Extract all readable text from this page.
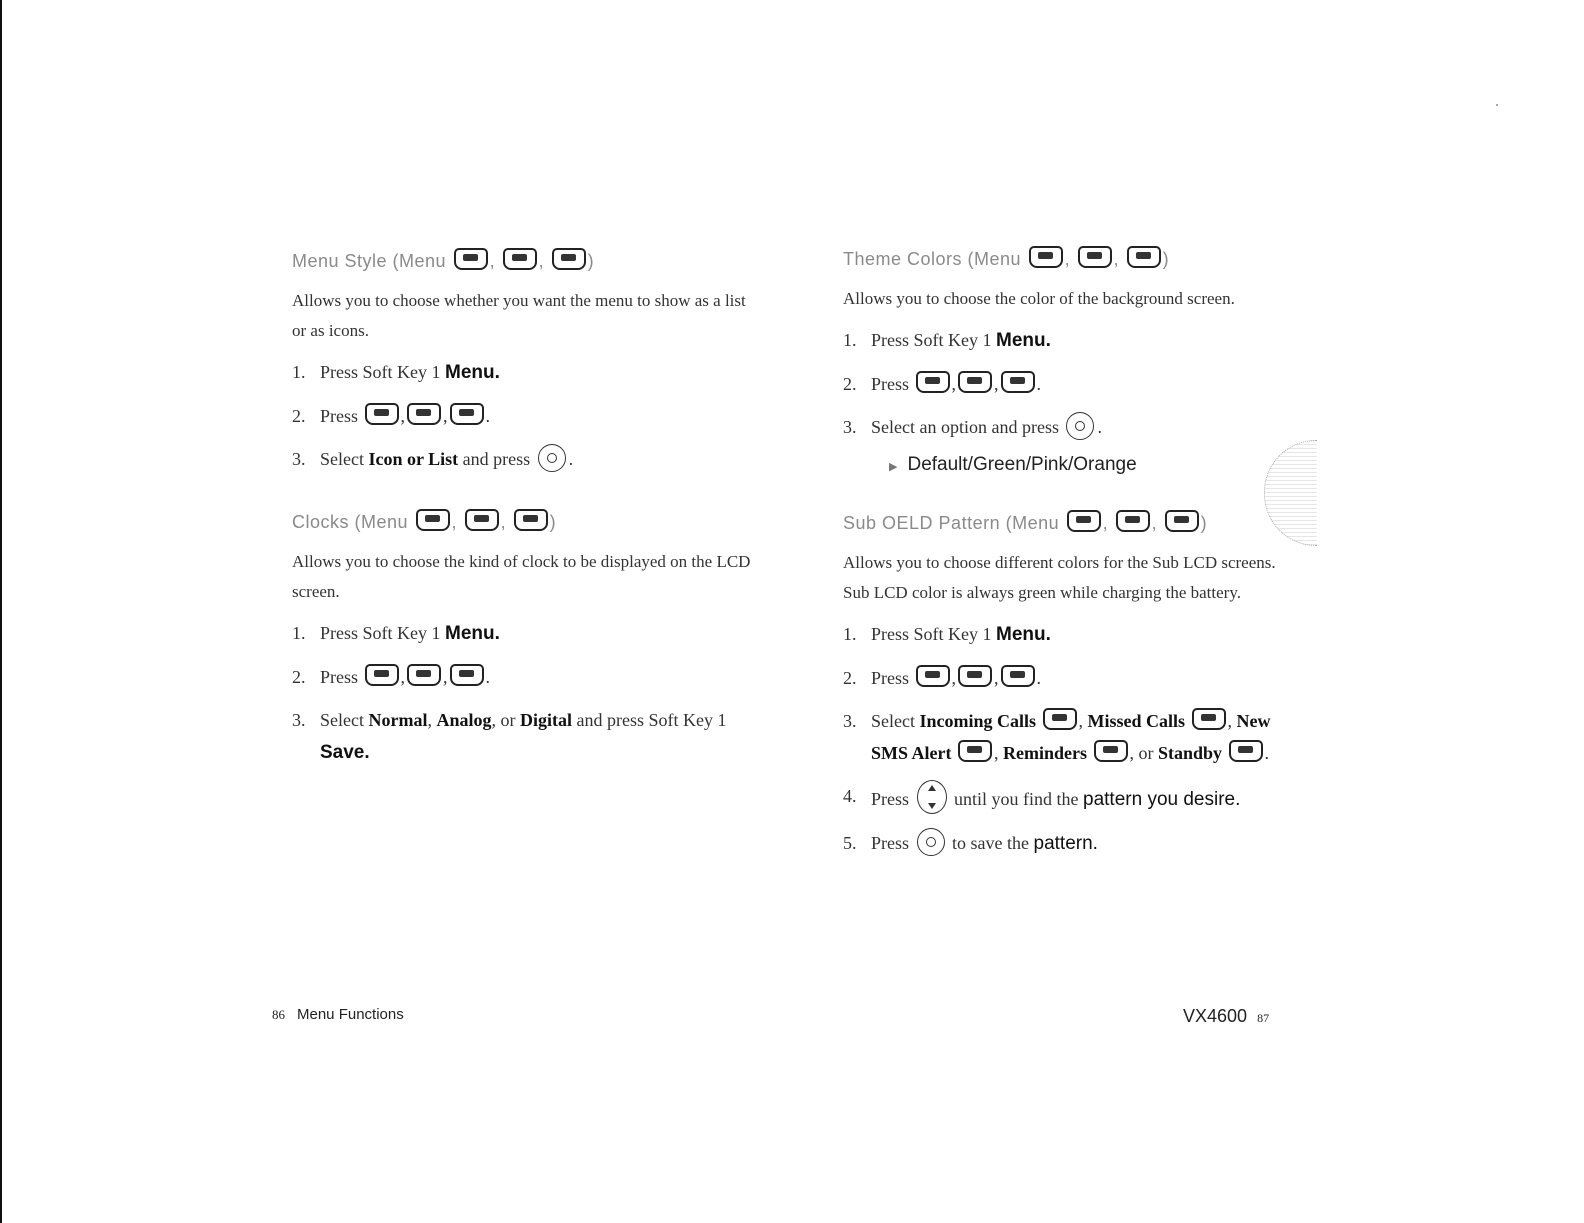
Menu Style (Menu , , )
Allows you to choose whether you want the menu to show as a list or as icons.
1. Press Soft Key 1 Menu.
2. Press , , .
3. Select Icon or List and press .
Clocks (Menu , , )
Allows you to choose the kind of clock to be displayed on the LCD screen.
1. Press Soft Key 1 Menu.
2. Press , , .
3. Select Normal, Analog, or Digital and press Soft Key 1 Save.
Theme Colors (Menu , , )
Allows you to choose the color of the background screen.
1. Press Soft Key 1 Menu.
2. Press , , .
3. Select an option and press .
▶ Default/Green/Pink/Orange
Sub OELD Pattern (Menu , , )
Allows you to choose different colors for the Sub LCD screens. Sub LCD color is always green while charging the battery.
1. Press Soft Key 1 Menu.
2. Press , , .
3. Select Incoming Calls , Missed Calls , New SMS Alert , Reminders , or Standby .
4. Press  until you find the pattern you desire.
5. Press  to save the pattern.
86 Menu Functions	VX4600 87
